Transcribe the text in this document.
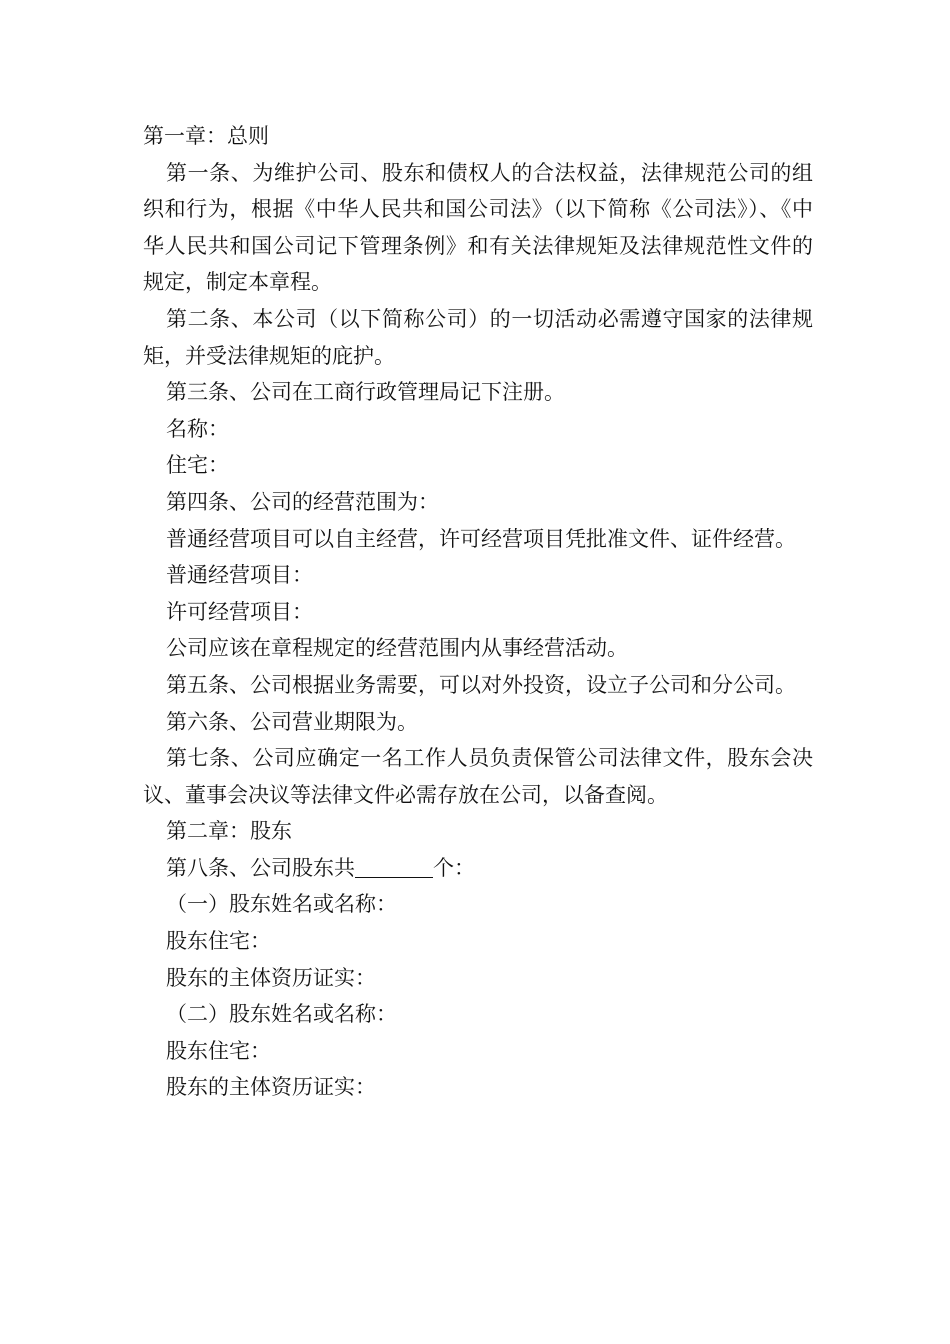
第一章：总则

第一条、为维护公司、股东和债权人的合法权益，法律规范公司的组织和行为，根据《中华人民共和国公司法》（以下简称《公司法》）、《中华人民共和国公司记下管理条例》和有关法律规矩及法律规范性文件的规定，制定本章程。

第二条、本公司（以下简称公司）的一切活动必需遵守国家的法律规矩，并受法律规矩的庇护。

第三条、公司在工商行政管理局记下注册。

名称：

住宅：

第四条、公司的经营范围为：

普通经营项目可以自主经营，许可经营项目凭批准文件、证件经营。

普通经营项目：

许可经营项目：

公司应该在章程规定的经营范围内从事经营活动。

第五条、公司根据业务需要，可以对外投资，设立子公司和分公司。

第六条、公司营业期限为。

第七条、公司应确定一名工作人员负责保管公司法律文件，股东会决议、董事会决议等法律文件必需存放在公司，以备查阅。

第二章：股东

第八条、公司股东共	个：

（一）股东姓名或名称：

股东住宅：

股东的主体资历证实：

（二）股东姓名或名称：

股东住宅：

股东的主体资历证实：
